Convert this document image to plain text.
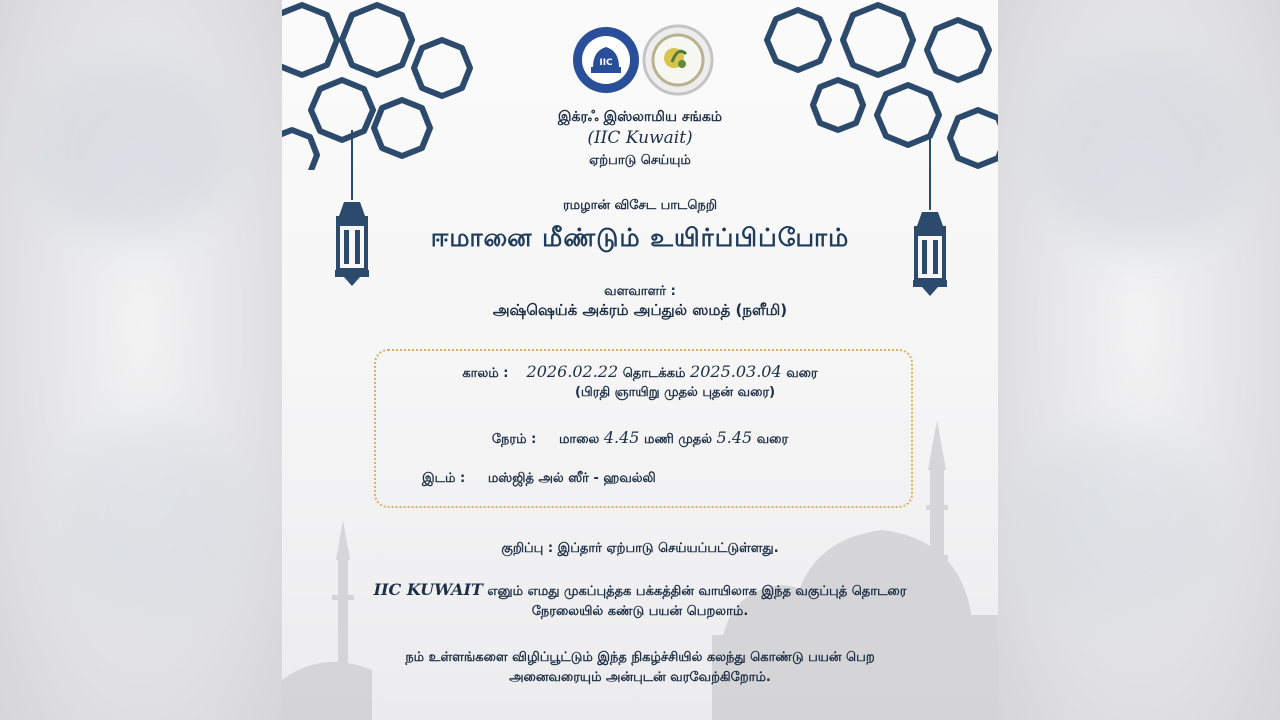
IIC
இக்ரஃ இஸ்லாமிய சங்கம்
(IIC Kuwait)
ஏற்பாடு செய்யும்
ரமழான் விசேட பாடநெறி
ஈமானை மீண்டும் உயிர்ப்பிப்போம்
வளவாளர் :
அஷ்ஷெய்க் அக்ரம் அப்துல் ஸமத் (நளீமி)
காலம் : 2026.02.22 தொடக்கம் 2025.03.04 வரை
(பிரதி ஞாயிறு முதல் புதன் வரை)
நேரம் : மாலை 4.45 மணி முதல் 5.45 வரை
இடம் : மஸ்ஜித் அல் ஸீர் - ஹவல்லி
குறிப்பு : இப்தார் ஏற்பாடு செய்யப்பட்டுள்ளது.
IIC KUWAIT எனும் எமது முகப்புத்தக பக்கத்தின் வாயிலாக இந்த வகுப்புத் தொடரை
நேரலையில் கண்டு பயன் பெறலாம்.
நம் உள்ளங்களை விழிப்பூட்டும் இந்த நிகழ்ச்சியில் கலந்து கொண்டு பயன் பெற
அனைவரையும் அன்புடன் வரவேற்கிறோம்.
